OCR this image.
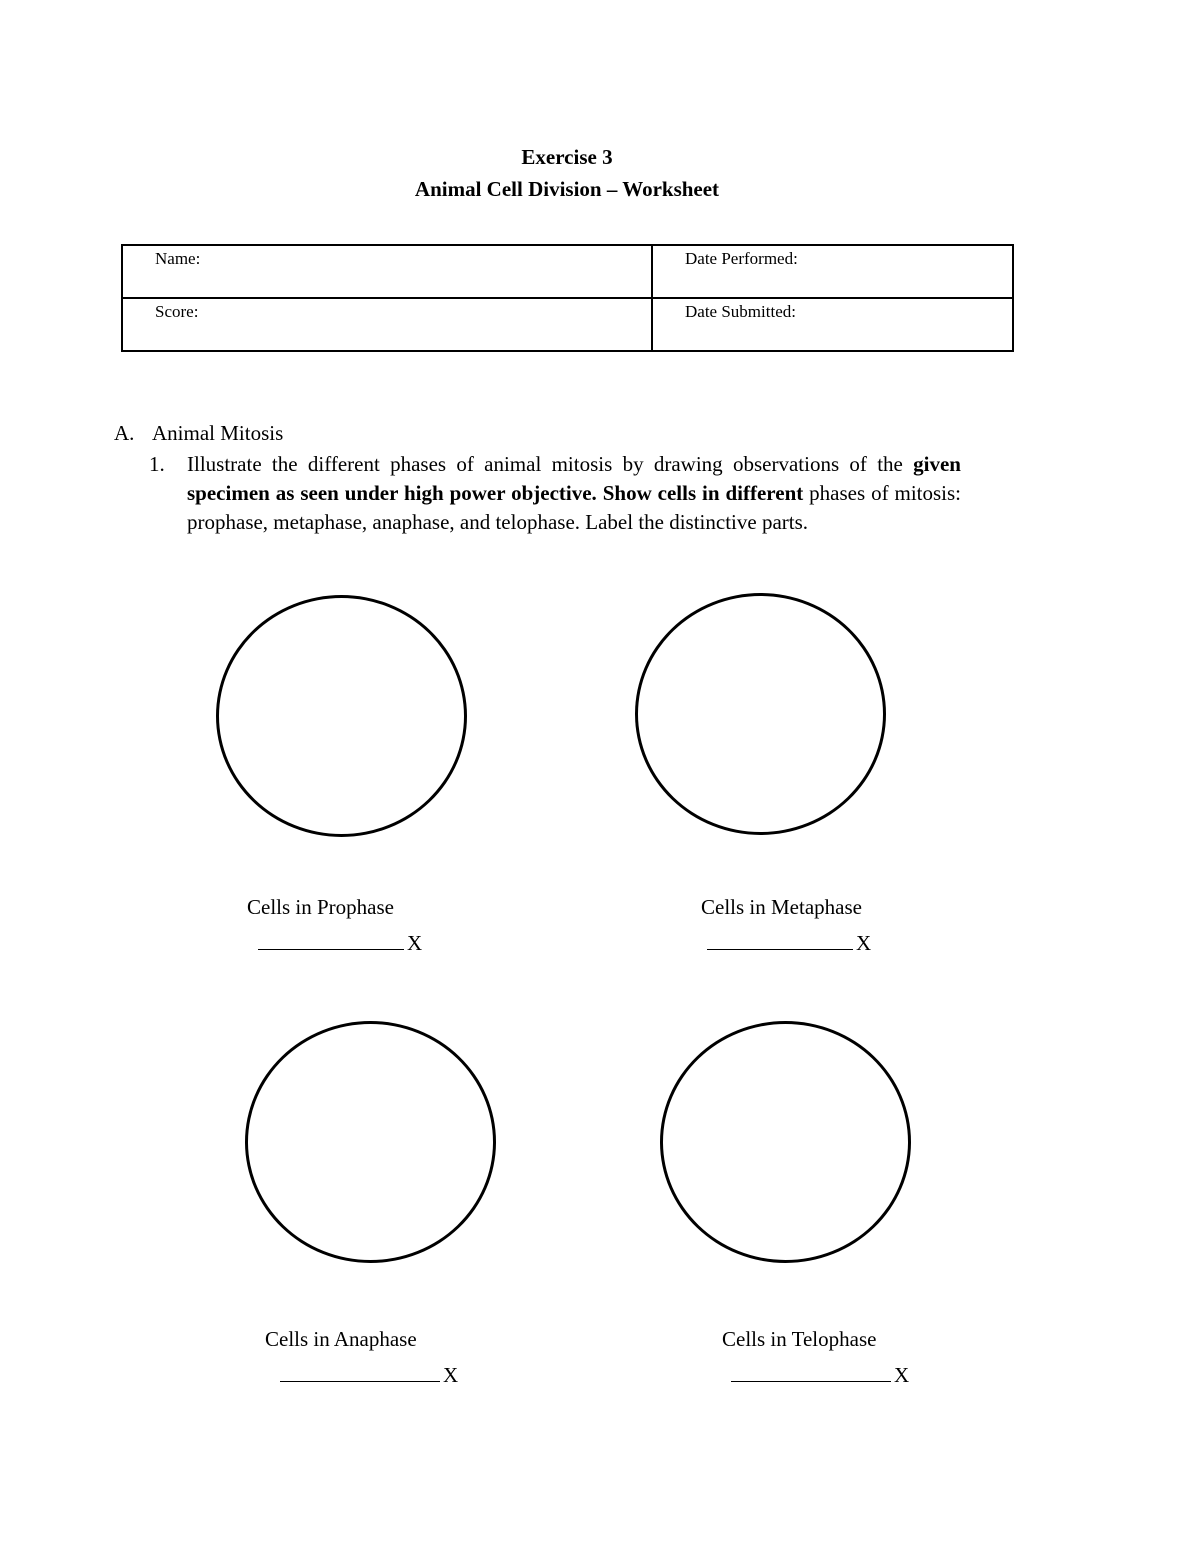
Exercise 3
Animal Cell Division – Worksheet
Name:	Date Performed:
Score:	Date Submitted:
A. Animal Mitosis
1.	Illustrate the different phases of animal mitosis by drawing observations of the given specimen as seen under high power objective. Show cells in different phases of mitosis: prophase, metaphase, anaphase, and telophase. Label the distinctive parts.
Cells in Prophase
X
Cells in Metaphase
X
Cells in Anaphase
X
Cells in Telophase
X
